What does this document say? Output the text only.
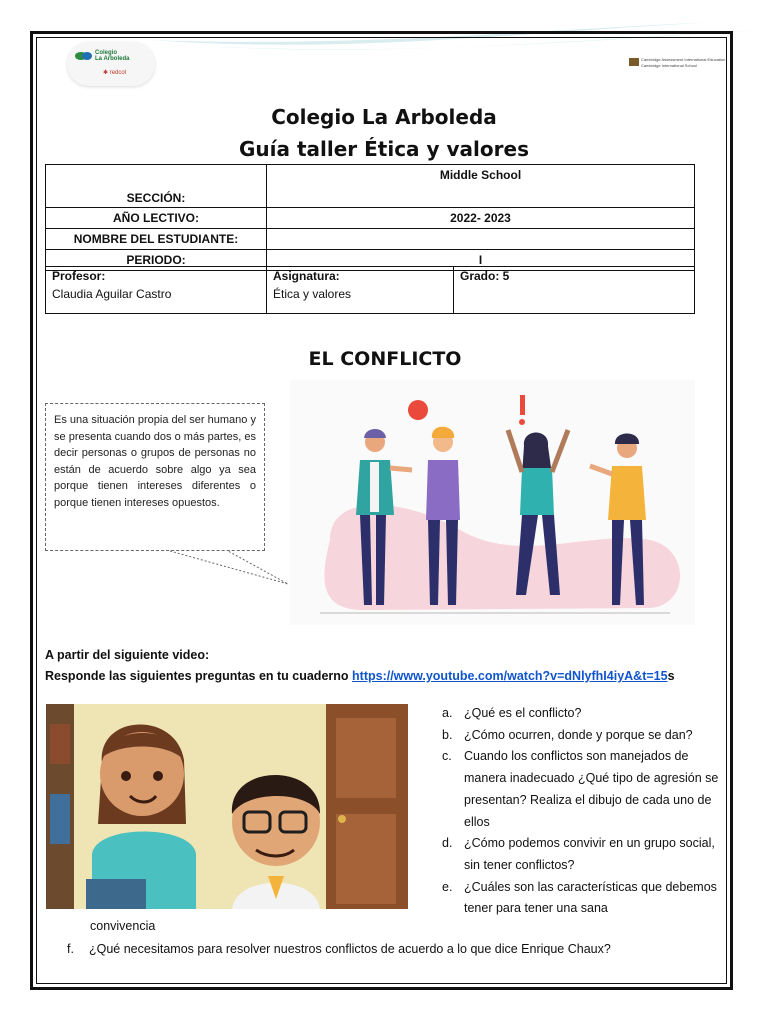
Colegio
La Arboleda
✱ redcol
Cambridge Assessment International Education
Cambridge International School
Colegio La Arboleda
Guía taller Ética y valores
SECCIÓN:	Middle School
AÑO LECTIVO:	2022- 2023
NOMBRE DEL ESTUDIANTE:	
PERIODO:	I
Profesor:
Claudia Aguilar Castro	
Asignatura:
Ética y valores	
Grado: 5
EL CONFLICTO
Es una situación propia del ser humano y se presenta cuando dos o más partes, es decir personas o grupos de personas no están de acuerdo sobre algo ya sea porque tienen intereses diferentes o porque tienen intereses opuestos.
A partir del siguiente video:
Responde las siguientes preguntas en tu cuaderno https://www.youtube.com/watch?v=dNlyfhI4iyA&t=15s
a. ¿Qué es el conflicto?
b. ¿Cómo ocurren, donde y porque se dan?
c. Cuando los conflictos son manejados de manera inadecuado ¿Qué tipo de agresión se presentan? Realiza el dibujo de cada uno de ellos
d. ¿Cómo podemos convivir en un grupo social, sin tener conflictos?
e. ¿Cuáles son las características que debemos tener para tener una sana
convivencia
f. ¿Qué necesitamos para resolver nuestros conflictos de acuerdo a lo que dice Enrique Chaux?
